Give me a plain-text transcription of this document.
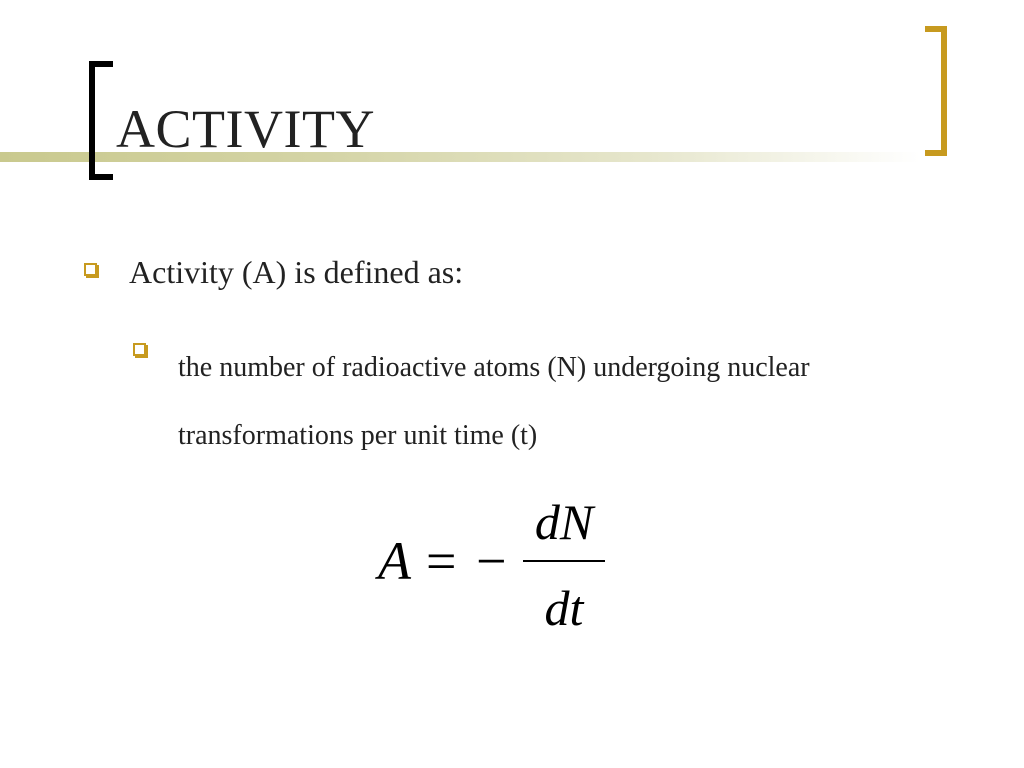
ACTIVITY
Activity (A) is defined as:
the number of radioactive atoms (N) undergoing nuclear transformations per unit time (t)
A = −
dN
dt
